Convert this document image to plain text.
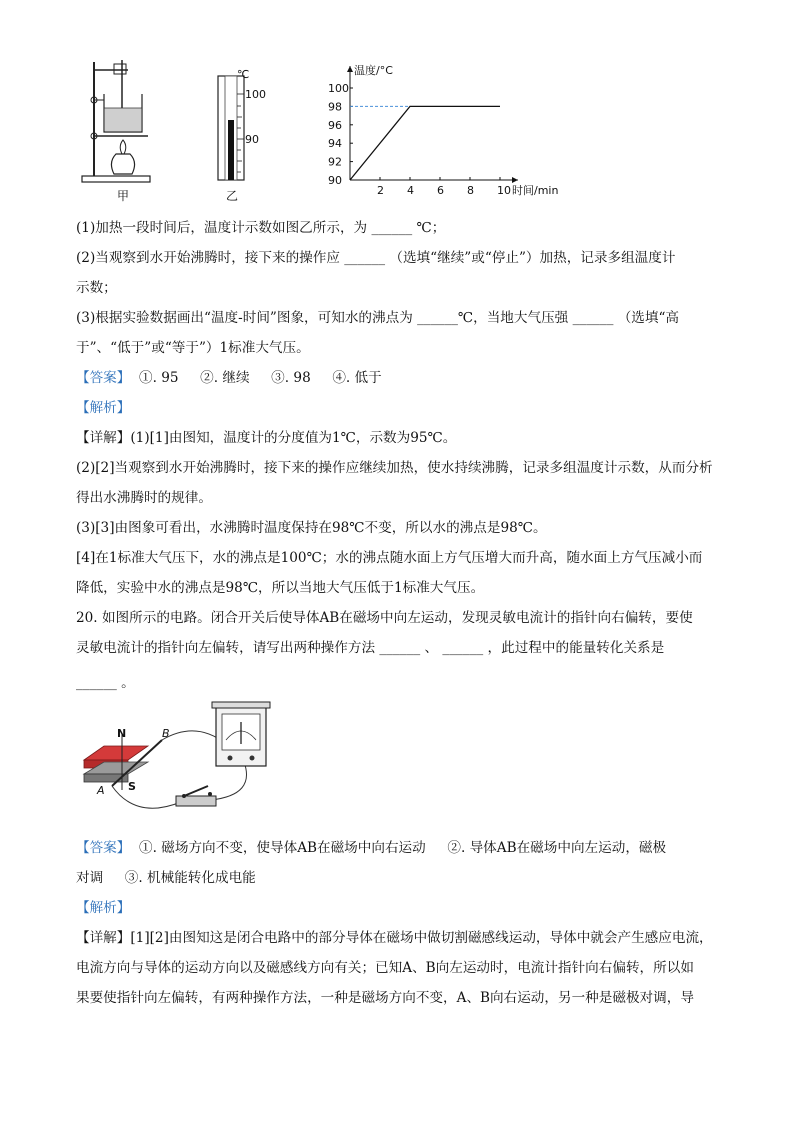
甲
℃
100
90
乙
温度/°C
时间/min
2 4 6 8 10
90
92
94
96
98
100
(1)加热一段时间后，温度计示数如图乙所示，为 ______ ℃；
(2)当观察到水开始沸腾时，接下来的操作应 ______ （选填“继续”或“停止”）加热，记录多组温度计
示数；
(3)根据实验数据画出“温度-时间”图象，可知水的沸点为 ______℃，当地大气压强 ______ （选填“高
于”、“低于”或“等于”）1标准大气压。
【答案】  ①. 95     ②. 继续     ③. 98     ④. 低于
【解析】
【详解】(1)[1]由图知，温度计的分度值为1℃，示数为95℃。
(2)[2]当观察到水开始沸腾时，接下来的操作应继续加热，使水持续沸腾，记录多组温度计示数，从而分析
得出水沸腾时的规律。
(3)[3]由图象可看出，水沸腾时温度保持在98℃不变，所以水的沸点是98℃。
[4]在1标准大气压下，水的沸点是100℃；水的沸点随水面上方气压增大而升高，随水面上方气压减小而
降低，实验中水的沸点是98℃，所以当地大气压低于1标准大气压。
20. 如图所示的电路。闭合开关后使导体AB在磁场中向左运动，发现灵敏电流计的指针向右偏转，要使
灵敏电流计的指针向左偏转，请写出两种操作方法 ______ 、 ______ ，此过程中的能量转化关系是
______ 。
N
S
A
B
【答案】  ①. 磁场方向不变，使导体AB在磁场中向右运动     ②. 导体AB在磁场中向左运动，磁极
对调     ③. 机械能转化成电能
【解析】
【详解】[1][2]由图知这是闭合电路中的部分导体在磁场中做切割磁感线运动，导体中就会产生感应电流，
电流方向与导体的运动方向以及磁感线方向有关；已知A、B向左运动时，电流计指针向右偏转，所以如
果要使指针向左偏转，有两种操作方法，一种是磁场方向不变，A、B向右运动，另一种是磁极对调，导
